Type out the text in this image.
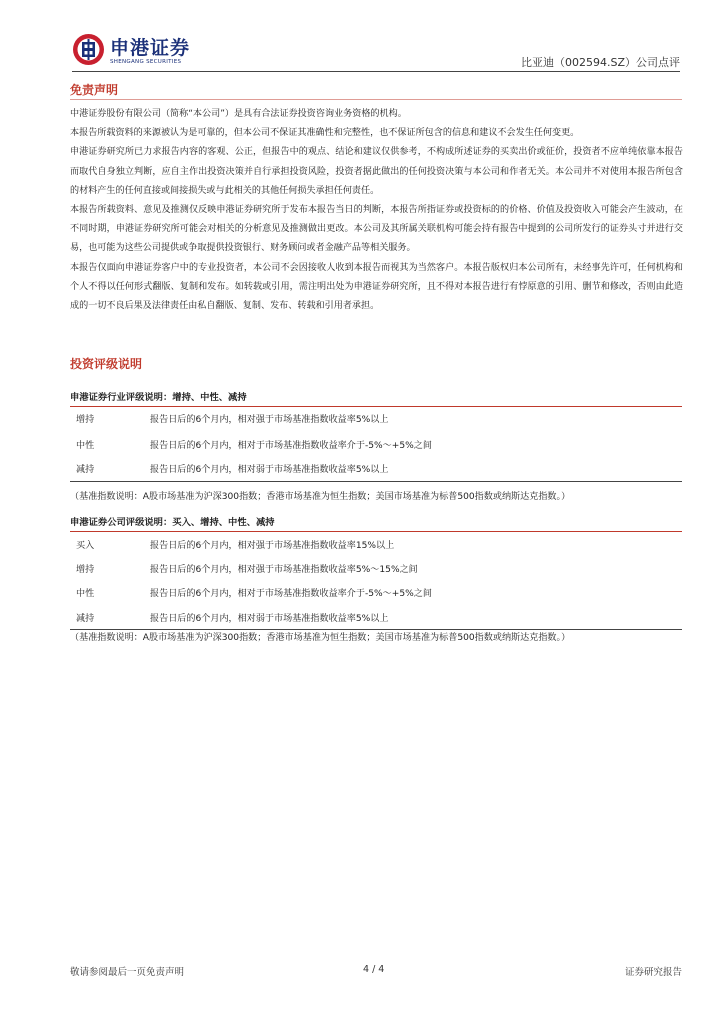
申港证券
SHENGANG SECURITIES	比亚迪（002594.SZ）公司点评
免责声明

中港证券股份有限公司（简称“本公司”）是具有合法证券投资咨询业务资格的机构。

本报告所载资料的来源被认为是可靠的，但本公司不保证其准确性和完整性，也不保证所包含的信息和建议不会发生任何变更。

申港证券研究所已力求报告内容的客观、公正，但报告中的观点、结论和建议仅供参考，不构成所述证券的买卖出价或征价，投资者不应单纯依靠本报告而取代自身独立判断，应自主作出投资决策并自行承担投资风险，投资者据此做出的任何投资决策与本公司和作者无关。本公司并不对使用本报告所包含的材料产生的任何直接或间接损失或与此相关的其他任何损失承担任何责任。

本报告所载资料、意见及推测仅反映申港证券研究所于发布本报告当日的判断，本报告所指证券或投资标的的价格、价值及投资收入可能会产生波动，在不同时期，申港证券研究所可能会对相关的分析意见及推测做出更改。本公司及其所属关联机构可能会持有报告中提到的公司所发行的证券头寸并进行交易，也可能为这些公司提供或争取提供投资银行、财务顾问或者金融产品等相关服务。

本报告仅面向申港证券客户中的专业投资者，本公司不会因接收人收到本报告而视其为当然客户。本报告版权归本公司所有，未经事先许可，任何机构和个人不得以任何形式翻版、复制和发布。如转载或引用，需注明出处为申港证券研究所，且不得对本报告进行有悖原意的引用、删节和修改，否则由此造成的一切不良后果及法律责任由私自翻版、复制、发布、转载和引用者承担。

投资评级说明
申港证券行业评级说明：增持、中性、减持
增持	报告日后的6个月内，相对强于市场基准指数收益率5%以上
中性	报告日后的6个月内，相对于市场基准指数收益率介于-5%～+5%之间
减持	报告日后的6个月内，相对弱于市场基准指数收益率5%以上
（基准指数说明：A股市场基准为沪深300指数；香港市场基准为恒生指数；美国市场基准为标普500指数或纳斯达克指数。）
申港证券公司评级说明：买入、增持、中性、减持
买入	报告日后的6个月内，相对强于市场基准指数收益率15%以上
增持	报告日后的6个月内，相对强于市场基准指数收益率5%～15%之间
中性	报告日后的6个月内，相对于市场基准指数收益率介于-5%～+5%之间
减持	报告日后的6个月内，相对弱于市场基准指数收益率5%以上
（基准指数说明：A股市场基准为沪深300指数；香港市场基准为恒生指数；美国市场基准为标普500指数或纳斯达克指数。）
敬请参阅最后一页免责声明	4 / 4	证券研究报告
